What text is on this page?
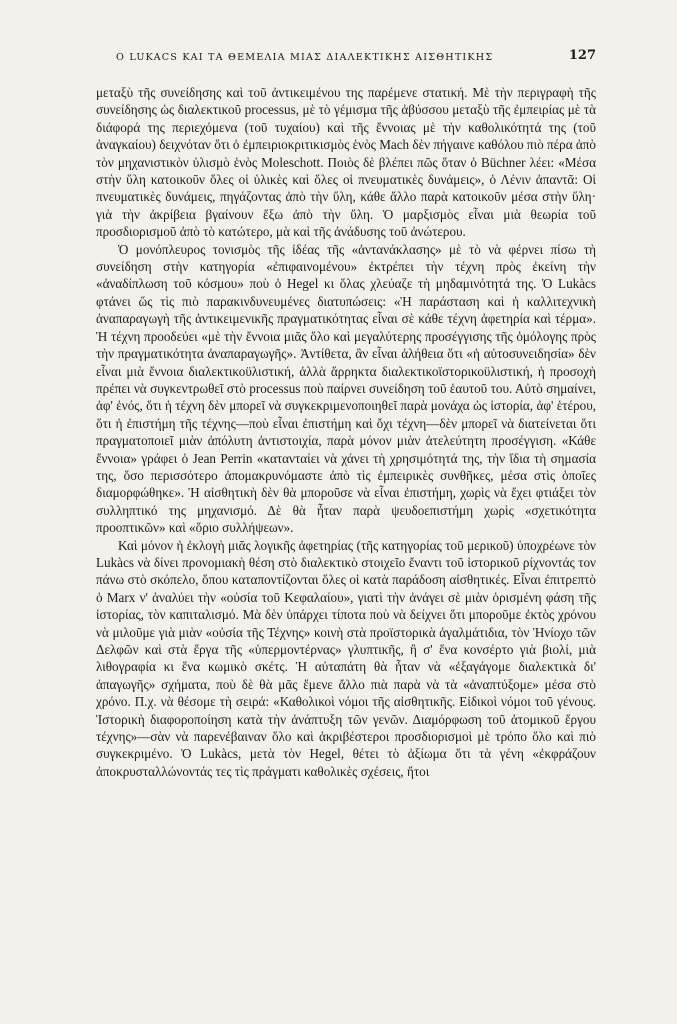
Ο LUKACS ΚΑΙ ΤΑ ΘΕΜΕΛΙΑ ΜΙΑΣ ΔΙΑΛΕΚΤΙΚΗΣ ΑΙΣΘΗΤΙΚΗΣ	127

μεταξὺ τῆς συνείδησης καὶ τοῦ ἀντικειμένου της παρέμενε στατική. Μὲ τὴν περιγραφὴ τῆς συνείδησης ὡς διαλεκτικοῦ processus, μὲ τὸ γέμισμα τῆς ἀβύσσου μεταξὺ τῆς ἐμπειρίας μὲ τὰ διάφορά της περιεχόμενα (τοῦ τυχαίου) καὶ τῆς ἔννοιας μὲ τὴν καθολικότητά της (τοῦ ἀναγκαίου) δειχνόταν ὅτι ὁ ἐμπειριοκριτικισμὸς ἑνὸς Mach δὲν πήγαινε καθόλου πιὸ πέρα ἀπὸ τὸν μηχανιστικὸν ὑλισμὸ ἑνὸς Moleschott. Ποιὸς δὲ βλέπει πῶς ὅταν ὁ Büchner λέει: «Μέσα στὴν ὕλη κατοικοῦν ὅλες οἱ ὑλικὲς καὶ ὅλες οἱ πνευματικὲς δυνάμεις», ὁ Λένιν ἀπαντᾶ: Οἱ πνευματικὲς δυνάμεις, πηγάζοντας ἀπὸ τὴν ὕλη, κάθε ἄλλο παρὰ κατοικοῦν μέσα στὴν ὕλη· γιὰ τὴν ἀκρίβεια βγαίνουν ἔξω ἀπὸ τὴν ὕλη. Ὁ μαρξισμὸς εἶναι μιὰ θεωρία τοῦ προσδιορισμοῦ ἀπὸ τὸ κατώτερο, μὰ καὶ τῆς ἀνάδυσης τοῦ ἀνώτερου.

Ὁ μονόπλευρος τονισμὸς τῆς ἰδέας τῆς «ἀντανάκλασης» μὲ τὸ νὰ φέρνει πίσω τὴ συνείδηση στὴν κατηγορία «ἐπιφαινομένου» ἐκτρέπει τὴν τέχνη πρὸς ἐκείνη τὴν «ἀναδίπλωση τοῦ κόσμου» ποὺ ὁ Hegel κι ὅλας χλεύαζε τὴ μηδαμινότητά της. Ὁ Lukàcs φτάνει ὥς τὶς πιὸ παρακινδυνευμένες διατυπώσεις: «Ἡ παράσταση καὶ ἡ καλλιτεχνικὴ ἀναπαραγωγὴ τῆς ἀντικειμενικῆς πραγματικότητας εἶναι σὲ κάθε τέχνη ἀφετηρία καὶ τέρμα». Ἡ τέχνη προοδεύει «μὲ τὴν ἔννοια μιᾶς ὅλο καὶ μεγαλύτερης προσέγγισης τῆς ὁμόλογης πρὸς τὴν πραγματικότητα ἀναπαραγωγῆς». Ἀντίθετα, ἂν εἶναι ἀλήθεια ὅτι «ἡ αὐτοσυνειδησία» δὲν εἶναι μιὰ ἔννοια διαλεκτικοϋλιστική, ἀλλὰ ἄρρηκτα διαλεκτικοϊστορικοϋλιστική, ἡ προσοχὴ πρέπει νὰ συγκεντρωθεῖ στὸ processus ποὺ παίρνει συνείδηση τοῦ ἑαυτοῦ του. Αὐτὸ σημαίνει, ἀφ' ἑνός, ὅτι ἡ τέχνη δὲν μπορεῖ νὰ συγκεκριμενοποιηθεῖ παρὰ μονάχα ὡς ἱστορία, ἀφ' ἑτέρου, ὅτι ἡ ἐπιστήμη τῆς τέχνης—ποὺ εἶναι ἐπιστήμη καὶ ὄχι τέχνη—δὲν μπορεῖ νὰ διατείνεται ὅτι πραγματοποιεῖ μιὰν ἀπόλυτη ἀντιστοιχία, παρὰ μόνον μιὰν ἀτελεύτητη προσέγγιση. «Κάθε ἔννοια» γράφει ὁ Jean Perrin «κατανταίει νὰ χάνει τὴ χρησιμότητά της, τὴν ἴδια τὴ σημασία της, ὅσο περισσότερο ἀπομακρυνόμαστε ἀπὸ τὶς ἐμπειρικὲς συνθῆκες, μέσα στὶς ὁποῖες διαμορφώθηκε». Ἡ αἰσθητικὴ δὲν θὰ μποροῦσε νὰ εἶναι ἐπιστήμη, χωρὶς νὰ ἔχει φτιάξει τὸν συλληπτικό της μηχανισμό. Δὲ θὰ ἦταν παρὰ ψευδοεπιστήμη χωρὶς «σχετικότητα προοπτικῶν» καὶ «ὅριο συλλήψεων».

Καὶ μόνον ἡ ἐκλογὴ μιᾶς λογικῆς ἀφετηρίας (τῆς κατηγορίας τοῦ μερικοῦ) ὑποχρέωνε τὸν Lukàcs νὰ δίνει προνομιακὴ θέση στὸ διαλεκτικὸ στοιχεῖο ἔναντι τοῦ ἱστορικοῦ ρίχνοντάς τον πάνω στὸ σκόπελο, ὅπου καταποντίζονται ὅλες οἱ κατὰ παράδοση αἰσθητικές. Εἶναι ἐπιτρεπτὸ ὁ Marx ν' ἀναλύει τὴν «οὐσία τοῦ Κεφαλαίου», γιατὶ τὴν ἀνάγει σὲ μιὰν ὁρισμένη φάση τῆς ἱστορίας, τὸν καπιταλισμό. Μὰ δὲν ὑπάρχει τίποτα ποὺ νὰ δείχνει ὅτι μποροῦμε ἐκτὸς χρόνου νὰ μιλοῦμε γιὰ μιὰν «οὐσία τῆς Τέχνης» κοινὴ στὰ προϊστορικὰ ἀγαλμάτιδια, τὸν Ἡνίοχο τῶν Δελφῶν καὶ στὰ ἔργα τῆς «ὑπερμοντέρνας» γλυπτικῆς, ἢ σ' ἕνα κονσέρτο γιὰ βιολί, μιὰ λιθογραφία κι ἕνα κωμικὸ σκέτς. Ἡ αὐταπάτη θὰ ἦταν νὰ «ἐξαγάγομε διαλεκτικὰ δι' ἀπαγωγῆς» σχήματα, ποὺ δὲ θὰ μᾶς ἔμενε ἄλλο πιὰ παρὰ νὰ τὰ «ἀναπτύξομε» μέσα στὸ χρόνο. Π.χ. νὰ θέσομε τὴ σειρά: «Καθολικοὶ νόμοι τῆς αἰσθητικῆς. Εἰδικοὶ νόμοι τοῦ γένους. Ἱστορικὴ διαφοροποίηση κατὰ τὴν ἀνάπτυξη τῶν γενῶν. Διαμόρφωση τοῦ ἀτομικοῦ ἔργου τέχνης»—σὰν νὰ παρενέβαιναν ὅλο καὶ ἀκριβέστεροι προσδιορισμοὶ μὲ τρόπο ὅλο καὶ πιὸ συγκεκριμένο. Ὁ Lukàcs, μετὰ τὸν Hegel, θέτει τὸ ἀξίωμα ὅτι τὰ γένη «ἐκφράζουν ἀποκρυσταλλώνοντάς τες τὶς πράγματι καθολικὲς σχέσεις, ἤτοι
